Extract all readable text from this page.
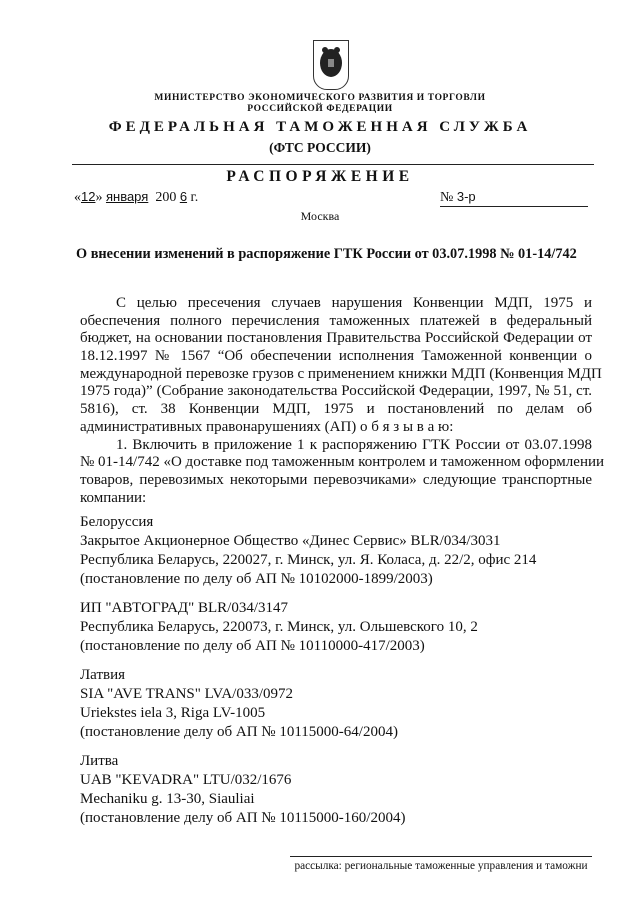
МИНИСТЕРСТВО ЭКОНОМИЧЕСКОГО РАЗВИТИЯ И ТОРГОВЛИ
РОССИЙСКОЙ ФЕДЕРАЦИИ
ФЕДЕРАЛЬНАЯ ТАМОЖЕННАЯ СЛУЖБА
(ФТС РОССИИ)
РАСПОРЯЖЕНИЕ
«12» января 200 6 г.	№ 3-р
Москва
О внесении изменений в распоряжение ГТК России от 03.07.1998 № 01-14/742
С целью пресечения случаев нарушения Конвенции МДП, 1975 и
обеспечения полного перечисления таможенных платежей в федеральный
бюджет, на основании постановления Правительства Российской Федерации от
18.12.1997 № 1567 “Об обеспечении исполнения Таможенной конвенции о
международной перевозке грузов с применением книжки МДП (Конвенция МДП
1975 года)” (Собрание законодательства Российской Федерации, 1997, № 51, ст.
5816), ст. 38 Конвенции МДП, 1975 и постановлений по делам об
административных правонарушениях (АП) о б я з ы в а ю:
1. Включить в приложение 1 к распоряжению ГТК России от 03.07.1998
№ 01-14/742 «О доставке под таможенным контролем и таможенном оформлении
товаров, перевозимых некоторыми перевозчиками» следующие транспортные
компании:
Белоруссия
Закрытое Акционерное Общество «Динес Сервис» BLR/034/3031
Республика Беларусь, 220027, г. Минск, ул. Я. Коласа, д. 22/2, офис 214
(постановление по делу об АП № 10102000-1899/2003)
ИП "АВТОГРАД" BLR/034/3147
Республика Беларусь, 220073, г. Минск, ул. Ольшевского 10, 2
(постановление по делу об АП № 10110000-417/2003)
Латвия
SIA "AVE TRANS" LVA/033/0972
Uriekstes iela 3, Riga LV-1005
(постановление делу об АП № 10115000-64/2004)
Литва
UAB "KEVADRA" LTU/032/1676
Mechaniku g. 13-30, Siauliai
(постановление делу об АП № 10115000-160/2004)
рассылка: региональные таможенные управления и таможни
